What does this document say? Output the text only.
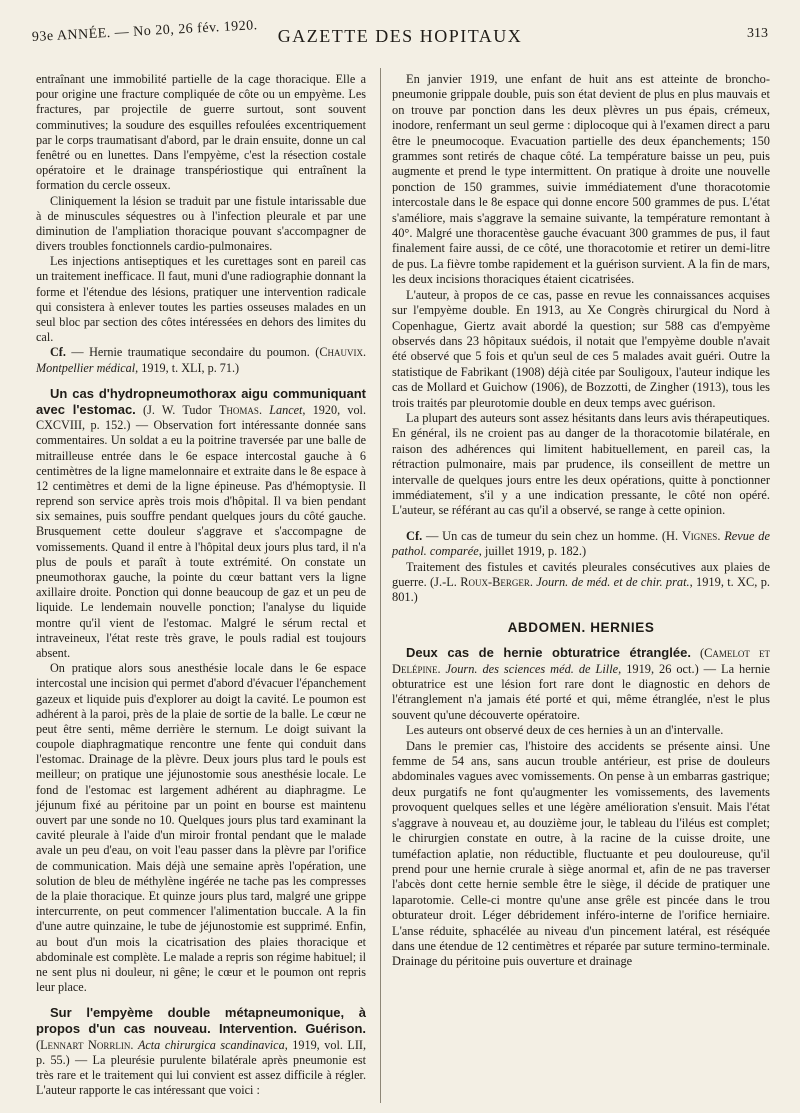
93e ANNÉE. — No 20, 26 fév. 1920.	GAZETTE DES HOPITAUX	313

entraînant une immobilité partielle de la cage thoracique. Elle a pour origine une fracture compliquée de côte ou un empyème. Les fractures, par projectile de guerre surtout, sont souvent comminutives; la soudure des esquilles refoulées excentriquement par le corps traumatisant d'abord, par le drain ensuite, donne un cal fenêtré ou en lunettes. Dans l'empyème, c'est la résection costale opératoire et le drainage transpériostique qui entraînent la formation du cercle osseux.

Cliniquement la lésion se traduit par une fistule intarissable due à de minuscules séquestres ou à l'infection pleurale et par une diminution de l'ampliation thoracique pouvant s'accompagner de divers troubles fonctionnels cardio-pulmonaires.

Les injections antiseptiques et les curettages sont en pareil cas un traitement inefficace. Il faut, muni d'une radiographie donnant la forme et l'étendue des lésions, pratiquer une intervention radicale qui consistera à enlever toutes les parties osseuses malades en un seul bloc par section des côtes intéressées en dehors des limites du cal.

Cf. — Hernie traumatique secondaire du poumon. (Chauvix. Montpellier médical, 1919, t. XLI, p. 71.)

Un cas d'hydropneumothorax aigu communiquant avec l'estomac. (J. W. Tudor Thomas. Lancet, 1920, vol. CXCVIII, p. 152.) — Observation fort intéressante donnée sans commentaires. Un soldat a eu la poitrine traversée par une balle de mitrailleuse entrée dans le 6e espace intercostal gauche à 6 centimètres de la ligne mamelonnaire et extraite dans le 8e espace à 12 centimètres et demi de la ligne épineuse. Pas d'hémoptysie. Il reprend son service après trois mois d'hôpital. Il va bien pendant six semaines, puis souffre pendant quelques jours du côté gauche. Brusquement cette douleur s'aggrave et s'accompagne de vomissements. Quand il entre à l'hôpital deux jours plus tard, il n'a plus de pouls et paraît à toute extrémité. On constate un pneumothorax gauche, la pointe du cœur battant vers la ligne axillaire droite. Ponction qui donne beaucoup de gaz et un peu de liquide. Le lendemain nouvelle ponction; l'analyse du liquide montre qu'il vient de l'estomac. Malgré le sérum rectal et intraveineux, l'état reste très grave, le pouls radial est toujours absent.

On pratique alors sous anesthésie locale dans le 6e espace intercostal une incision qui permet d'abord d'évacuer l'épanchement gazeux et liquide puis d'explorer au doigt la cavité. Le poumon est adhérent à la paroi, près de la plaie de sortie de la balle. Le cœur ne peut être senti, même derrière le sternum. Le doigt suivant la coupole diaphragmatique rencontre une fente qui conduit dans l'estomac. Drainage de la plèvre. Deux jours plus tard le pouls est meilleur; on pratique une jéjunostomie sous anesthésie locale. Le fond de l'estomac est largement adhérent au diaphragme. Le jéjunum fixé au péritoine par un point en bourse est maintenu ouvert par une sonde no 10. Quelques jours plus tard examinant la cavité pleurale à l'aide d'un miroir frontal pendant que le malade avale un peu d'eau, on voit l'eau passer dans la plèvre par l'orifice de communication. Mais déjà une semaine après l'opération, une solution de bleu de méthylène ingérée ne tache pas les compresses de la plaie thoracique. Et quinze jours plus tard, malgré une grippe intercurrente, on peut commencer l'alimentation buccale. A la fin d'une autre quinzaine, le tube de jéjunostomie est supprimé. Enfin, au bout d'un mois la cicatrisation des plaies thoracique et abdominale est complète. Le malade a repris son régime habituel; il ne sent plus ni douleur, ni gêne; le cœur et le poumon ont repris leur place.

Sur l'empyème double métapneumonique, à propos d'un cas nouveau. Intervention. Guérison. (Lennart Norrlin. Acta chirurgica scandinavica, 1919, vol. LII, p. 55.) — La pleurésie purulente bilatérale après pneumonie est très rare et le traitement qui lui convient est assez difficile à régler. L'auteur rapporte le cas intéressant que voici :

En janvier 1919, une enfant de huit ans est atteinte de broncho-pneumonie grippale double, puis son état devient de plus en plus mauvais et on trouve par ponction dans les deux plèvres un pus épais, crémeux, inodore, renfermant un seul germe : diplocoque qui à l'examen direct a paru être le pneumocoque. Evacuation partielle des deux épanchements; 150 grammes sont retirés de chaque côté. La température baisse un peu, puis augmente et prend le type intermittent. On pratique à droite une nouvelle ponction de 150 grammes, suivie immédiatement d'une thoracotomie intercostale dans le 8e espace qui donne encore 500 grammes de pus. L'état s'améliore, mais s'aggrave la semaine suivante, la température remontant à 40°. Malgré une thoracentèse gauche évacuant 300 grammes de pus, il faut finalement faire aussi, de ce côté, une thoracotomie et retirer un demi-litre de pus. La fièvre tombe rapidement et la guérison survient. A la fin de mars, les deux incisions thoraciques étaient cicatrisées.

L'auteur, à propos de ce cas, passe en revue les connaissances acquises sur l'empyème double. En 1913, au Xe Congrès chirurgical du Nord à Copenhague, Giertz avait abordé la question; sur 588 cas d'empyème observés dans 23 hôpitaux suédois, il notait que l'empyème double n'avait été observé que 5 fois et qu'un seul de ces 5 malades avait guéri. Outre la statistique de Fabrikant (1908) déjà citée par Souligoux, l'auteur indique les cas de Mollard et Guichow (1906), de Bozzotti, de Zingher (1913), tous les trois traités par pleurotomie double en deux temps avec guérison.

La plupart des auteurs sont assez hésitants dans leurs avis thérapeutiques. En général, ils ne croient pas au danger de la thoracotomie bilatérale, en raison des adhérences qui limitent habituellement, en pareil cas, la rétraction pulmonaire, mais par prudence, ils conseillent de mettre un intervalle de quelques jours entre les deux opérations, quitte à ponctionner immédiatement, s'il y a une indication pressante, le côté non opéré. L'auteur, se référant au cas qu'il a observé, se range à cette opinion.

Cf. — Un cas de tumeur du sein chez un homme. (H. Vignes. Revue de pathol. comparée, juillet 1919, p. 182.)

Traitement des fistules et cavités pleurales consécutives aux plaies de guerre. (J.-L. Roux-Berger. Journ. de méd. et de chir. prat., 1919, t. XC, p. 801.)

ABDOMEN. HERNIES

Deux cas de hernie obturatrice étranglée. (Camelot et Delépine. Journ. des sciences méd. de Lille, 1919, 26 oct.) — La hernie obturatrice est une lésion fort rare dont le diagnostic en dehors de l'étranglement n'a jamais été porté et qui, même étranglée, n'est le plus souvent qu'une découverte opératoire.

Les auteurs ont observé deux de ces hernies à un an d'intervalle.

Dans le premier cas, l'histoire des accidents se présente ainsi. Une femme de 54 ans, sans aucun trouble antérieur, est prise de douleurs abdominales vagues avec vomissements. On pense à un embarras gastrique; deux purgatifs ne font qu'augmenter les vomissements, des lavements provoquent quelques selles et une légère amélioration s'ensuit. Mais l'état s'aggrave à nouveau et, au douzième jour, le tableau du l'iléus est complet; le chirurgien constate en outre, à la racine de la cuisse droite, une tuméfaction aplatie, non réductible, fluctuante et peu douloureuse, qu'il prend pour une hernie crurale à siège anormal et, afin de ne pas traverser l'abcès dont cette hernie semble être le siège, il décide de pratiquer une laparotomie. Celle-ci montre qu'une anse grêle est pincée dans le trou obturateur droit. Léger débridement inféro-interne de l'orifice herniaire. L'anse réduite, sphacélée au niveau d'un pincement latéral, est réséquée dans une étendue de 12 centimètres et réparée par suture termino-terminale. Drainage du péritoine puis ouverture et drainage
